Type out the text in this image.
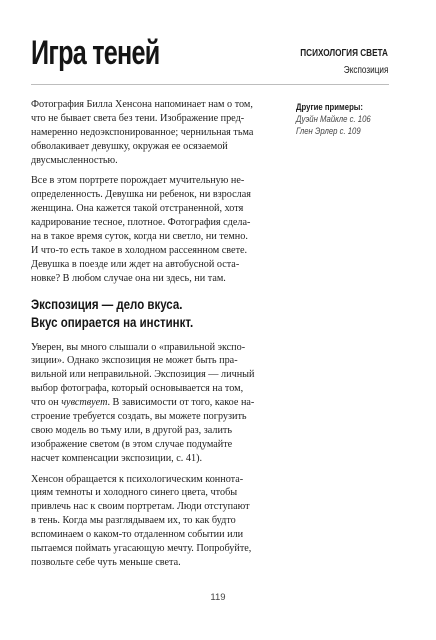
Игра теней	ПСИХОЛОГИЯ СВЕТА
Экспозиция
Другие примеры:
Дуэйн Майкле с. 106
Глен Эрлер с. 109
Фотография Билла Хенсона напоминает нам о том,
что не бывает света без тени. Изображение пред-
намеренно недоэкспонированное; чернильная тьма
обволакивает девушку, окружая ее осязаемой
двусмысленностью.
Все в этом портрете порождает мучительную не-
определенность. Девушка ни ребенок, ни взрослая
женщина. Она кажется такой отстраненной, хотя
кадрирование тесное, плотное. Фотография сдела-
на в такое время суток, когда ни светло, ни темно.
И что-то есть такое в холодном рассеянном свете.
Девушка в поезде или ждет на автобусной оста-
новке? В любом случае она ни здесь, ни там.
Экспозиция — дело вкуса.
Вкус опирается на инстинкт.
Уверен, вы много слышали о «правильной экспо-
зиции». Однако экспозиция не может быть пра-
вильной или неправильной. Экспозиция — личный
выбор фотографа, который основывается на том,
что он чувствует. В зависимости от того, какое на-
строение требуется создать, вы можете погрузить
свою модель во тьму или, в другой раз, залить
изображение светом (в этом случае подумайте
насчет компенсации экспозиции, с. 41).
Хенсон обращается к психологическим коннота-
циям темноты и холодного синего цвета, чтобы
привлечь нас к своим портретам. Люди отступают
в тень. Когда мы разглядываем их, то как будто
вспоминаем о каком-то отдаленном событии или
пытаемся поймать угасающую мечту. Попробуйте,
позвольте себе чуть меньше света.
119
